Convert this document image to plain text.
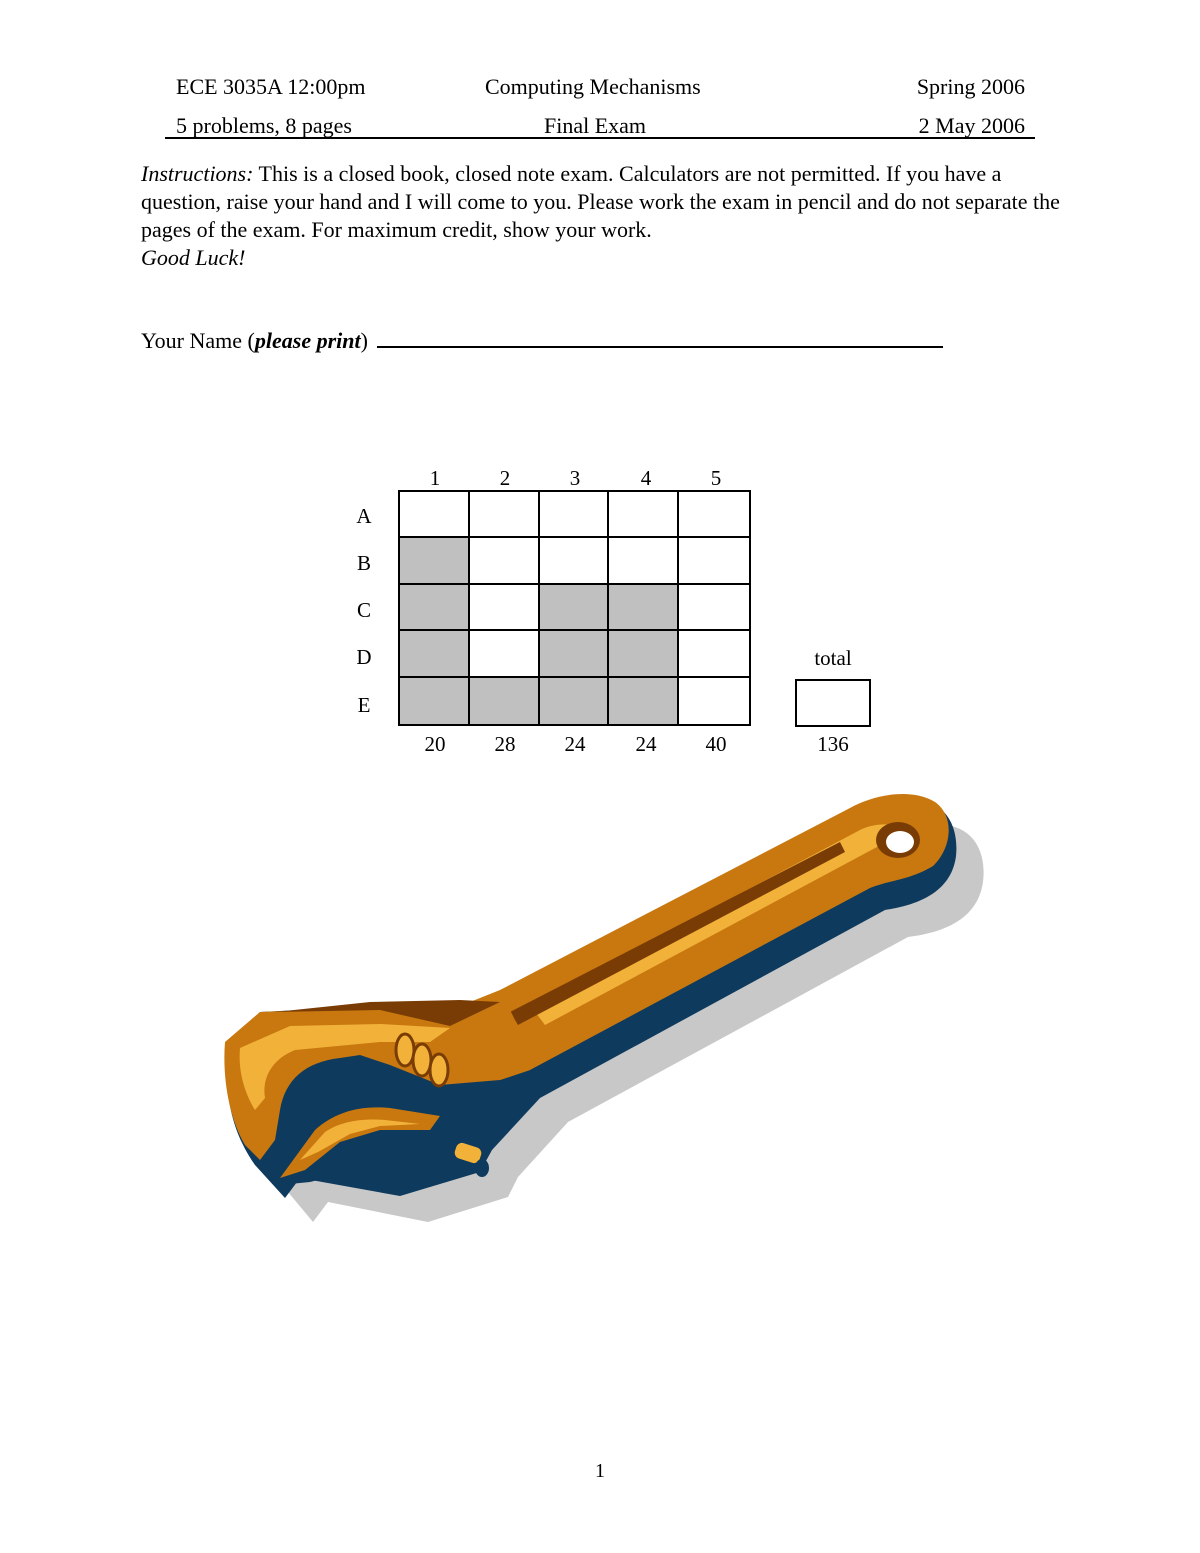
ECE 3035A 12:00pm	Computing Mechanisms	Spring 2006
5 problems, 8 pages	Final Exam	2 May 2006
Instructions: This is a closed book, closed note exam. Calculators are not permitted. If you have a question, raise your hand and I will come to you. Please work the exam in pencil and do not separate the pages of the exam. For maximum credit, show your work.
Good Luck!
Your Name (please print)
1	2	3	4	5
A
B
C
D
E
20	28	24	24	40
total
136
1
